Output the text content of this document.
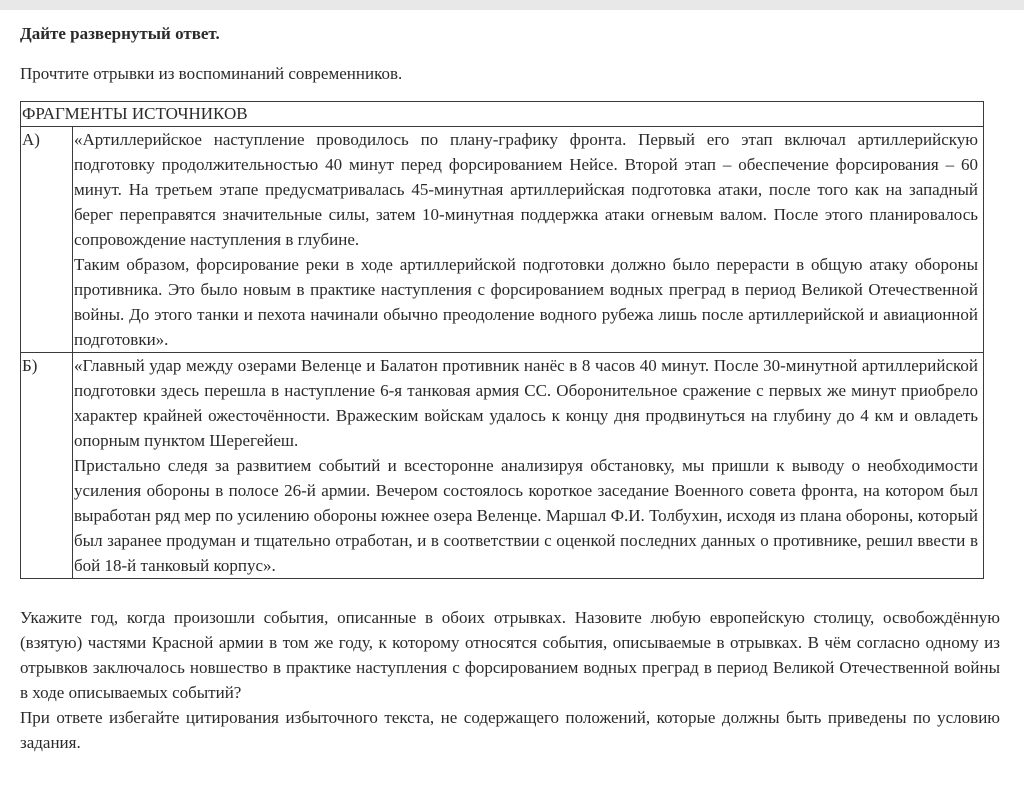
Дайте развернутый ответ.

Прочтите отрывки из воспоминаний современников.

ФРАГМЕНТЫ ИСТОЧНИКОВ	
А)	«Артиллерийское наступление проводилось по плану-графику фронта. Первый его этап включал артиллерийскую подготовку продолжительностью 40 минут перед форсированием Нейсе. Второй этап – обеспечение форсирования – 60 минут. На третьем этапе предусматривалась 45-минутная артиллерийская подготовка атаки, после того как на западный берег переправятся значительные силы, затем 10-минутная поддержка атаки огневым валом. После этого планировалось сопровождение наступления в глубине.

Таким образом, форсирование реки в ходе артиллерийской подготовки должно было перерасти в общую атаку обороны противника. Это было новым в практике наступления с форсированием водных преград в период Великой Отечественной войны. До этого танки и пехота начинали обычно преодоление водного рубежа лишь после артиллерийской и авиационной подготовки».

Б)	«Главный удар между озерами Веленце и Балатон противник нанёс в 8 часов 40 минут. После 30-минутной артиллерийской подготовки здесь перешла в наступление 6-я танковая армия СС. Оборонительное сражение с первых же минут приобрело характер крайней ожесточённости. Вражеским войскам удалось к концу дня продвинуться на глубину до 4 км и овладеть опорным пунктом Шерегейеш.

Пристально следя за развитием событий и всесторонне анализируя обстановку, мы пришли к выводу о необходимости усиления обороны в полосе 26-й армии. Вечером состоялось короткое заседание Военного совета фронта, на котором был выработан ряд мер по усилению обороны южнее озера Веленце. Маршал Ф.И. Толбухин, исходя из плана обороны, который был заранее продуман и тщательно отработан, и в соответствии с оценкой последних данных о противнике, решил ввести в бой 18-й танковый корпус».

Укажите год, когда произошли события, описанные в обоих отрывках. Назовите любую европейскую столицу, освобождённую (взятую) частями Красной армии в том же году, к которому относятся события, описываемые в отрывках. В чём согласно одному из отрывков заключалось новшество в практике наступления с форсированием водных преград в период Великой Отечественной войны в ходе описываемых событий?

При ответе избегайте цитирования избыточного текста, не содержащего положений, которые должны быть приведены по условию задания.
